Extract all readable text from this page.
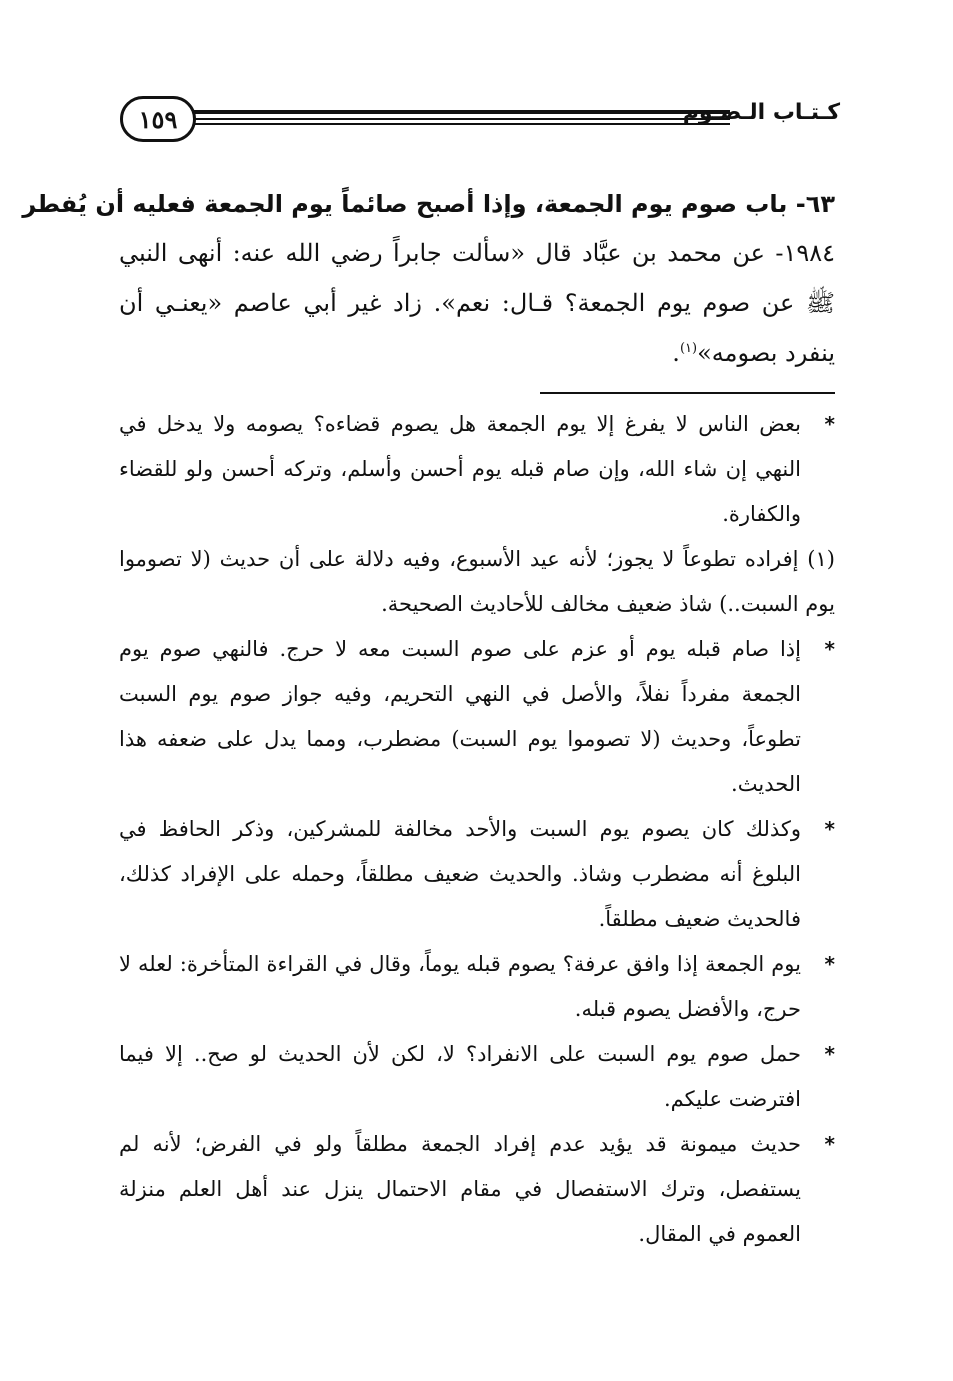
١٥٩	كـتـاب الـصـوم
٦٣- باب صوم يوم الجمعة، وإذا أصبح صائماً يوم الجمعة فعليه أن يُفطر

١٩٨٤- عن محمد بن عبَّاد قال «سألت جابراً رضي الله عنه: أنهى النبي ﷺ عن صوم يوم الجمعة؟ قـال: نعم». زاد غير أبي عاصم «يعنـي أن ينفرد بصومه»$^{(١)}$.

*
بعض الناس لا يفرغ إلا يوم الجمعة هل يصوم قضاءه؟ يصومه ولا يدخل في النهي إن شاء الله، وإن صام قبله يوم أحسن وأسلم، وتركه أحسن ولو للقضاء والكفارة.

(١) إفراده تطوعاً لا يجوز؛ لأنه عيد الأسبوع، وفيه دلالة على أن حديث (لا تصوموا يوم السبت..) شاذ ضعيف مخالف للأحاديث الصحيحة.

*
إذا صام قبله يوم أو عزم على صوم السبت معه لا حرج. فالنهي صوم يوم الجمعة مفرداً نفلاً، والأصل في النهي التحريم، وفيه جواز صوم يوم السبت تطوعاً، وحديث (لا تصوموا يوم السبت) مضطرب، ومما يدل على ضعفه هذا الحديث.

*
وكذلك كان يصوم يوم السبت والأحد مخالفة للمشركين، وذكر الحافظ في البلوغ أنه مضطرب وشاذ. والحديث ضعيف مطلقاً، وحمله على الإفراد كذلك، فالحديث ضعيف مطلقاً.

*
يوم الجمعة إذا وافق عرفة؟ يصوم قبله يوماً، وقال في القراءة المتأخرة: لعله لا حرج، والأفضل يصوم قبله.

*
حمل صوم يوم السبت على الانفراد؟ لا، لكن لأن الحديث لو صح.. إلا فيما افترضت عليكم.

*
حديث ميمونة قد يؤيد عدم إفراد الجمعة مطلقاً ولو في الفرض؛ لأنه لم يستفصل، وترك الاستفصال في مقام الاحتمال ينزل عند أهل العلم منزلة العموم في المقال.
